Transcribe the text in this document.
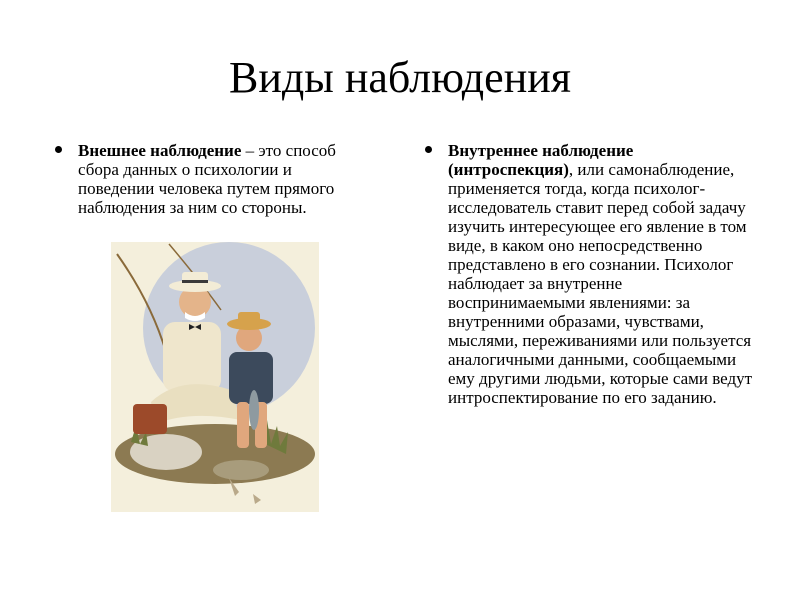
Виды наблюдения
Внешнее наблюдение – это способ сбора данных о психологии и поведении человека путем прямого наблюдения за ним со стороны.
Внутреннее наблюдение (интроспекция), или самонаблюдение, применяется тогда, когда психолог-исследователь ставит перед собой задачу изучить интересующее его явление в том виде, в каком оно непосредственно представлено в его сознании. Психолог наблюдает за внутренне воспринимаемыми явлениями: за внутренними образами, чувствами, мыслями, переживаниями или пользуется аналогичными данными, сообщаемыми ему другими людьми, которые сами ведут интроспектирование по его заданию.
